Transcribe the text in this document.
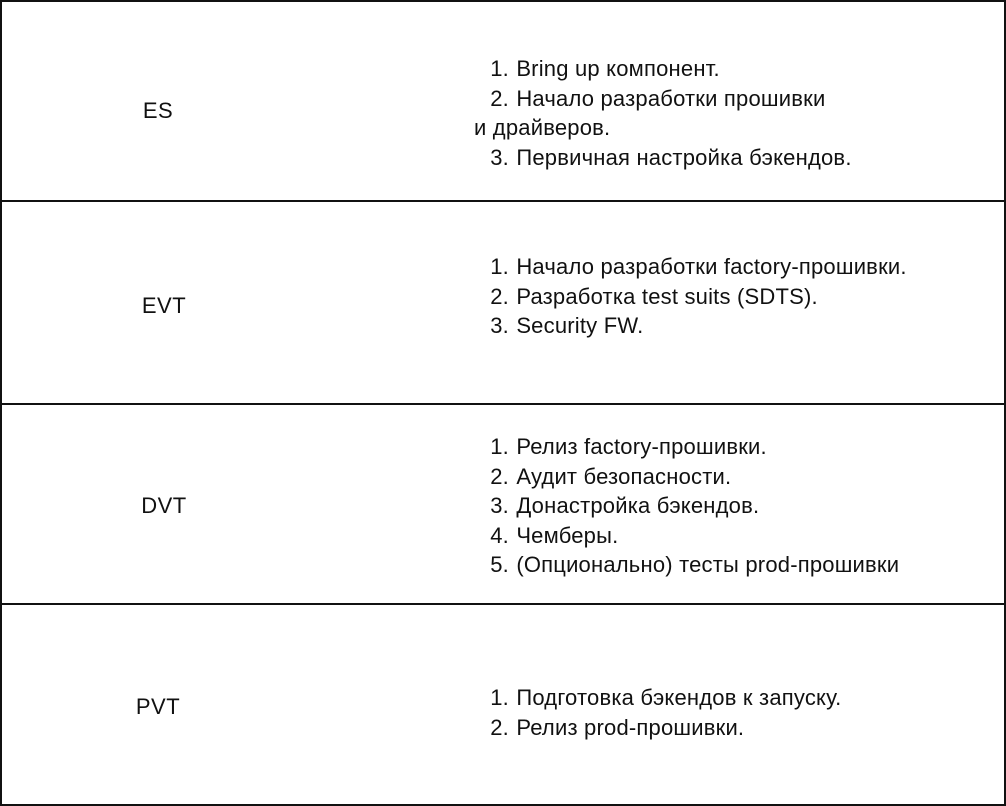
ES
1. Bring up компонент.
2. Начало разработки прошивки
и драйверов.
3. Первичная настройка бэкендов.
EVT
1. Начало разработки factory-прошивки.
2. Разработка test suits (SDTS).
3. Security FW.
DVT
1. Релиз factory-прошивки.
2. Аудит безопасности.
3. Донастройка бэкендов.
4. Чемберы.
5. (Опционально) тесты prod-прошивки
PVT	1. Подготовка бэкендов к запуску.
2. Релиз prod-прошивки.
